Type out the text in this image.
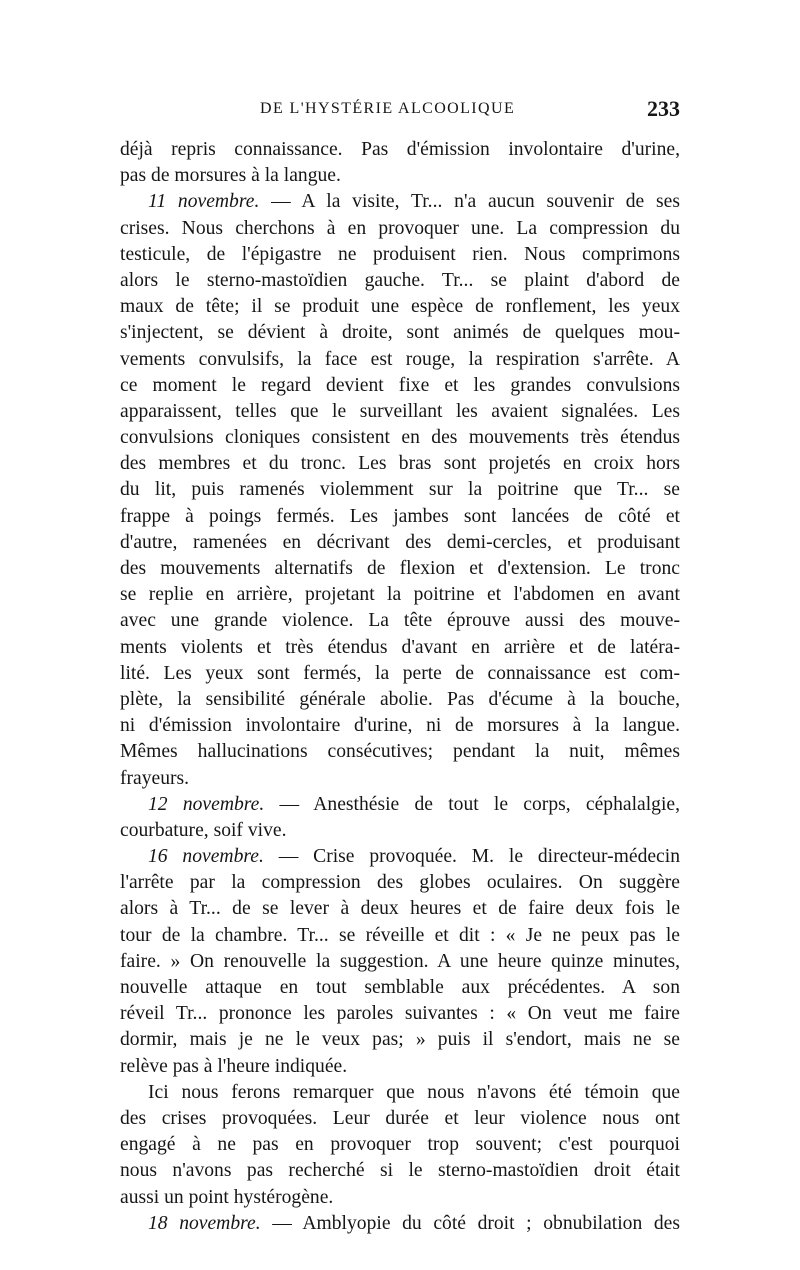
DE L'HYSTÉRIE ALCOOLIQUE	233
déjà repris connaissance. Pas d'émission involontaire d'urine,
pas de morsures à la langue.
11 novembre. — A la visite, Tr... n'a aucun souvenir de ses
crises. Nous cherchons à en provoquer une. La compression du
testicule, de l'épigastre ne produisent rien. Nous comprimons
alors le sterno-mastoïdien gauche. Tr... se plaint d'abord de
maux de tête; il se produit une espèce de ronflement, les yeux
s'injectent, se dévient à droite, sont animés de quelques mou-
vements convulsifs, la face est rouge, la respiration s'arrête. A
ce moment le regard devient fixe et les grandes convulsions
apparaissent, telles que le surveillant les avaient signalées. Les
convulsions cloniques consistent en des mouvements très étendus
des membres et du tronc. Les bras sont projetés en croix hors
du lit, puis ramenés violemment sur la poitrine que Tr... se
frappe à poings fermés. Les jambes sont lancées de côté et
d'autre, ramenées en décrivant des demi-cercles, et produisant
des mouvements alternatifs de flexion et d'extension. Le tronc
se replie en arrière, projetant la poitrine et l'abdomen en avant
avec une grande violence. La tête éprouve aussi des mouve-
ments violents et très étendus d'avant en arrière et de latéra-
lité. Les yeux sont fermés, la perte de connaissance est com-
plète, la sensibilité générale abolie. Pas d'écume à la bouche,
ni d'émission involontaire d'urine, ni de morsures à la langue.
Mêmes hallucinations consécutives; pendant la nuit, mêmes
frayeurs.
12 novembre. — Anesthésie de tout le corps, céphalalgie,
courbature, soif vive.
16 novembre. — Crise provoquée. M. le directeur-médecin
l'arrête par la compression des globes oculaires. On suggère
alors à Tr... de se lever à deux heures et de faire deux fois le
tour de la chambre. Tr... se réveille et dit : « Je ne peux pas le
faire. » On renouvelle la suggestion. A une heure quinze minutes,
nouvelle attaque en tout semblable aux précédentes. A son
réveil Tr... prononce les paroles suivantes : « On veut me faire
dormir, mais je ne le veux pas; » puis il s'endort, mais ne se
relève pas à l'heure indiquée.
Ici nous ferons remarquer que nous n'avons été témoin que
des crises provoquées. Leur durée et leur violence nous ont
engagé à ne pas en provoquer trop souvent; c'est pourquoi
nous n'avons pas recherché si le sterno-mastoïdien droit était
aussi un point hystérogène.
18 novembre. — Amblyopie du côté droit ; obnubilation des
